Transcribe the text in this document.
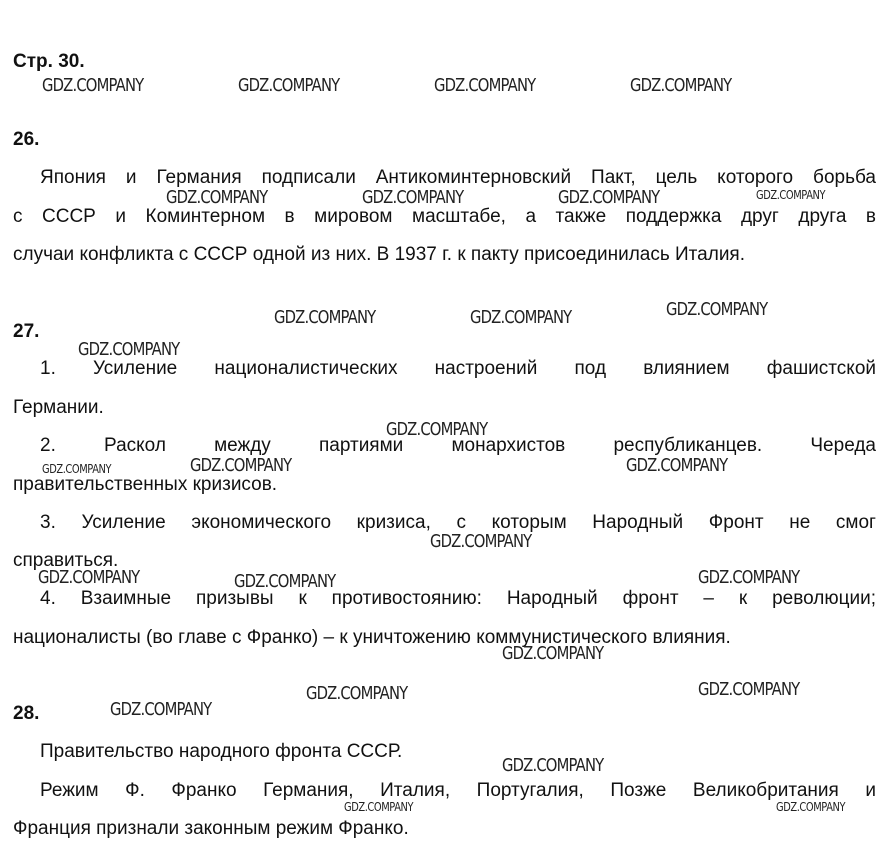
Стр. 30.
26.
Япония и Германия подписали Антикоминтерновский Пакт, цель которого борьба
с СССР и Коминтерном в мировом масштабе, а также поддержка друг друга в
случаи конфликта с СССР одной из них. В 1937 г. к пакту присоединилась Италия.
27.
1. Усиление националистических настроений под влиянием фашистской
Германии.
2. Раскол между партиями монархистов республиканцев. Череда
правительственных кризисов.
3. Усиление экономического кризиса, с которым Народный Фронт не смог
справиться.
4. Взаимные призывы к противостоянию: Народный фронт – к революции;
националисты (во главе с Франко) – к уничтожению коммунистического влияния.
28.
Правительство народного фронта СССР.
Режим Ф. Франко Германия, Италия, Португалия, Позже Великобритания и
Франция признали законным режим Франко.
GDZ.COMPANY	GDZ.COMPANY	GDZ.COMPANY	GDZ.COMPANY
GDZ.COMPANY	GDZ.COMPANY	GDZ.COMPANY	GDZ.COMPANY
GDZ.COMPANY	GDZ.COMPANY	GDZ.COMPANY
GDZ.COMPANY
GDZ.COMPANY
GDZ.COMPANY	GDZ.COMPANY	GDZ.COMPANY
GDZ.COMPANY
GDZ.COMPANY	GDZ.COMPANY	GDZ.COMPANY
GDZ.COMPANY
GDZ.COMPANY	GDZ.COMPANY
GDZ.COMPANY
GDZ.COMPANY
GDZ.COMPANY	GDZ.COMPANY
